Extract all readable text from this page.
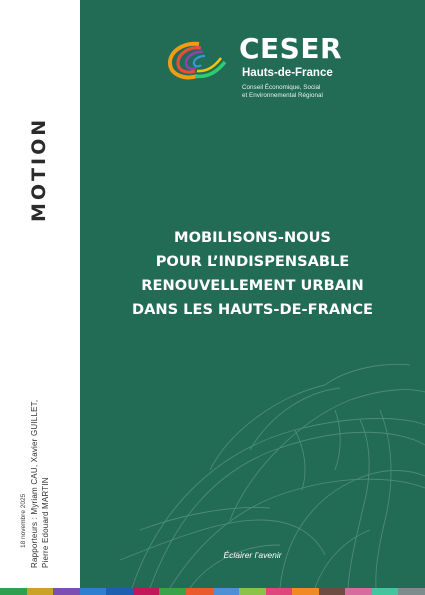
MOTION
18 novembre 2025 Rapporteurs : Myriam CAU, Xavier GUILLET, Pierre Edouard MARTIN
CESER
Hauts-de-France
Conseil Économique, Social
et Environnemental Régional
MOBILISONS-NOUS
POUR L’INDISPENSABLE
RENOUVELLEMENT URBAIN
DANS LES HAUTS-DE-FRANCE
Éclairer l’avenir
